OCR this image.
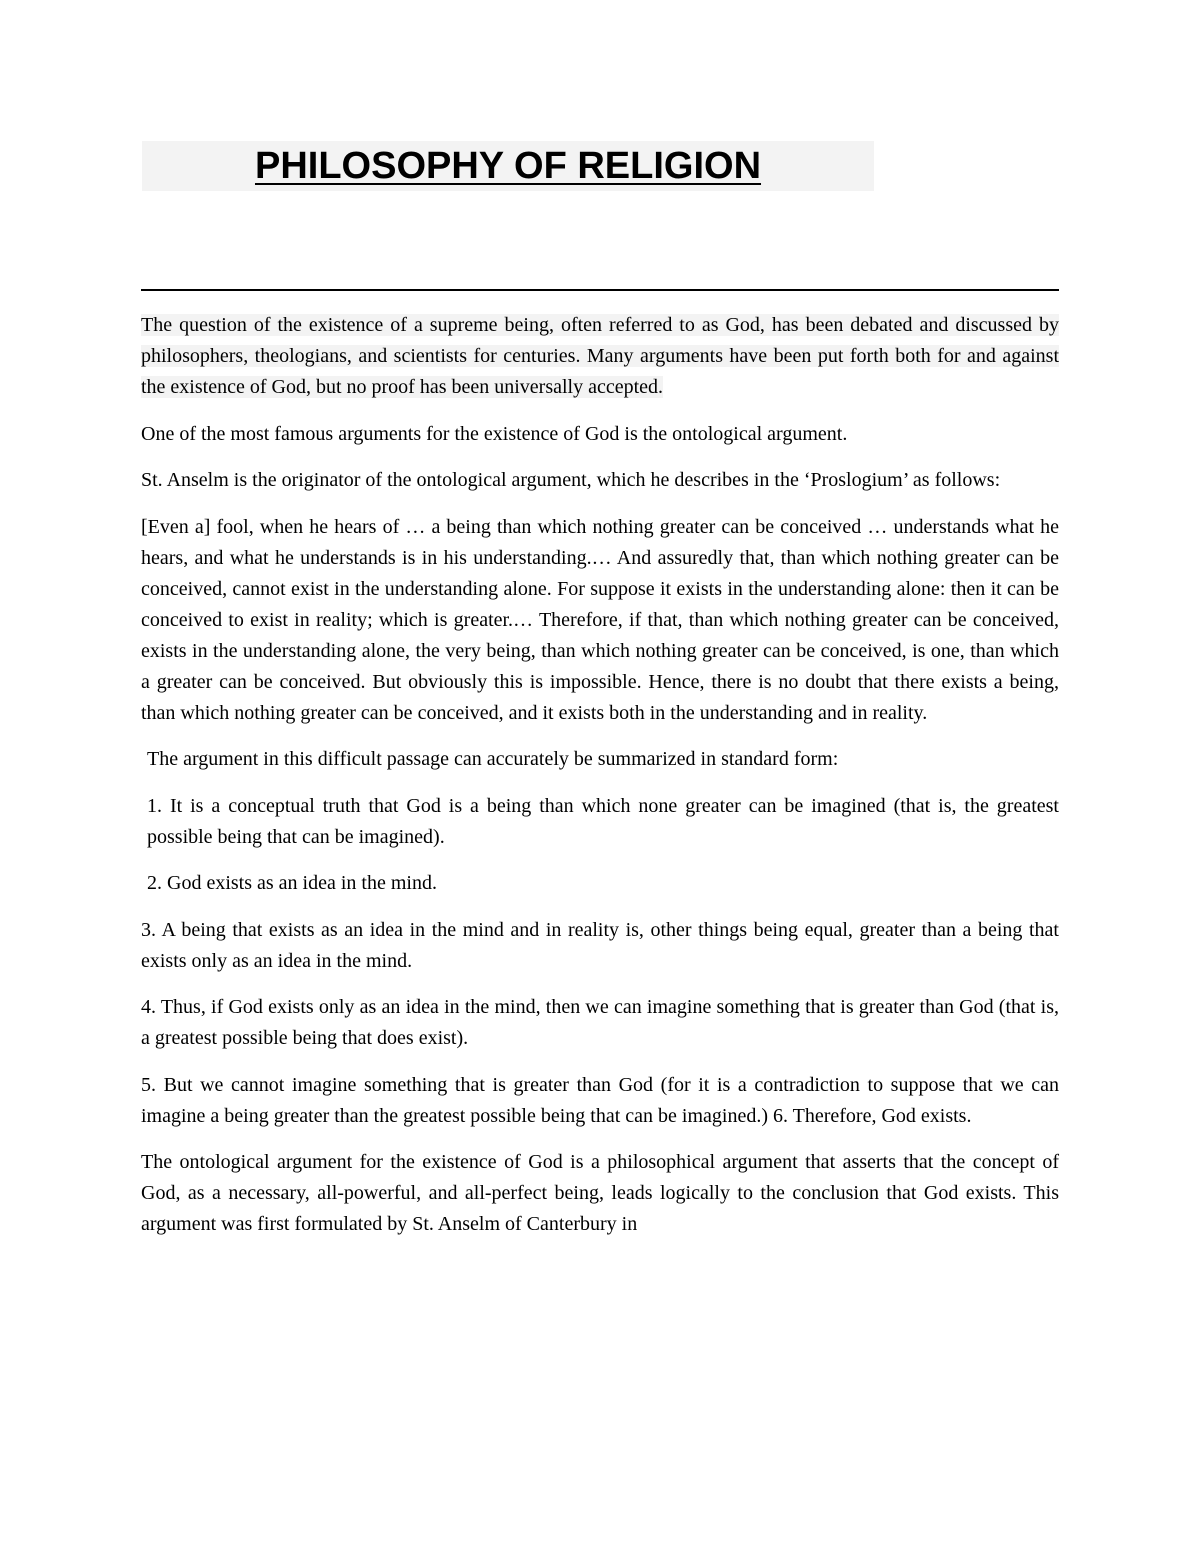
PHILOSOPHY OF RELIGION

The question of the existence of a supreme being, often referred to as God, has been debated and discussed by philosophers, theologians, and scientists for centuries. Many arguments have been put forth both for and against the existence of God, but no proof has been universally accepted.

One of the most famous arguments for the existence of God is the ontological argument.

St. Anselm is the originator of the ontological argument, which he describes in the ‘Proslogium’ as follows:

[Even a] fool, when he hears of … a being than which nothing greater can be conceived … understands what he hears, and what he understands is in his understanding.… And assuredly that, than which nothing greater can be conceived, cannot exist in the understanding alone. For suppose it exists in the understanding alone: then it can be conceived to exist in reality; which is greater.… Therefore, if that, than which nothing greater can be conceived, exists in the understanding alone, the very being, than which nothing greater can be conceived, is one, than which a greater can be conceived. But obviously this is impossible. Hence, there is no doubt that there exists a being, than which nothing greater can be conceived, and it exists both in the understanding and in reality.

The argument in this difficult passage can accurately be summarized in standard form:

1. It is a conceptual truth that God is a being than which none greater can be imagined (that is, the greatest possible being that can be imagined).

2. God exists as an idea in the mind.

3. A being that exists as an idea in the mind and in reality is, other things being equal, greater than a being that exists only as an idea in the mind.

4. Thus, if God exists only as an idea in the mind, then we can imagine something that is greater than God (that is, a greatest possible being that does exist).

5. But we cannot imagine something that is greater than God (for it is a contradiction to suppose that we can imagine a being greater than the greatest possible being that can be imagined.) 6. Therefore, God exists.

The ontological argument for the existence of God is a philosophical argument that asserts that the concept of God, as a necessary, all-powerful, and all-perfect being, leads logically to the conclusion that God exists. This argument was first formulated by St. Anselm of Canterbury in
